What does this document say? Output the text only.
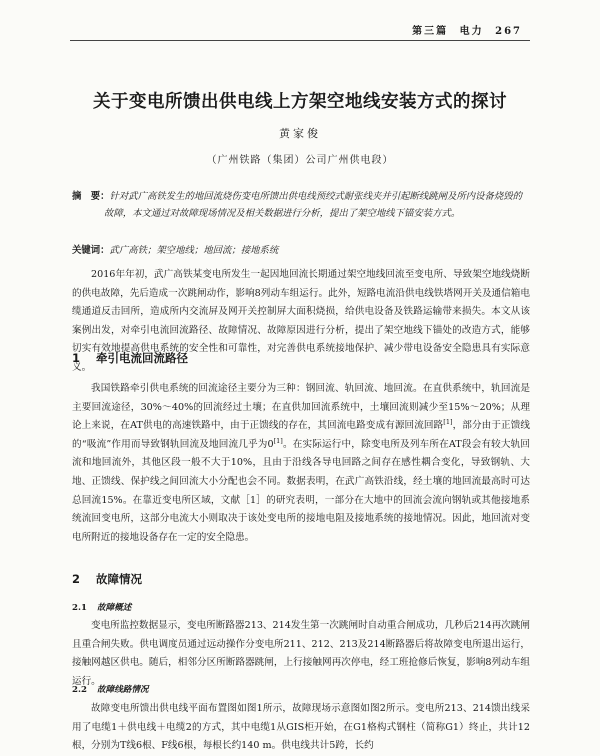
第三篇 电力 267
关于变电所馈出供电线上方架空地线安装方式的探讨
黄家俊
（广州铁路（集团）公司广州供电段）
摘　要：针对武广高铁发生的地回流烧伤变电所馈出供电线预绞式耐张线夹并引起断线跳闸及所内设备烧毁的故障，本文通过对故障现场情况及相关数据进行分析，提出了架空地线下锚安装方式。
关键词：武广高铁；架空地线；地回流；接地系统
2016年年初，武广高铁某变电所发生一起因地回流长期通过架空地线回流至变电所、导致架空地线烧断的供电故障，先后造成一次跳闸动作，影响8列动车组运行。此外，短路电流沿供电线铁塔网开关及通信箱电缆通道反击回所，造成所内交流屏及网开关控制屏大面积烧损，给供电设备及铁路运输带来损失。本文从该案例出发，对牵引电流回流路径、故障情况、故障原因进行分析，提出了架空地线下锚处的改造方式，能够切实有效地提高供电系统的安全性和可靠性，对完善供电系统接地保护、减少带电设备安全隐患具有实际意义。
1 牵引电流回流路径
我国铁路牵引供电系统的回流途径主要分为三种：钢回流、轨回流、地回流。在直供系统中，轨回流是主要回流途径，30%～40%的回流经过土壤；在直供加回流系统中，土壤回流则减少至15%～20%；从理论上来说，在AT供电的高速铁路中，由于正馈线的存在，其回流电路变成有源回流回路[1]，部分由于正馈线的“吸流”作用而导致钢轨回流及地回流几乎为0[1]。在实际运行中，除变电所及列车所在AT段会有较大轨回流和地回流外，其他区段一般不大于10%，且由于沿线各导电回路之间存在感性耦合变化，导致钢轨、大地、正馈线、保护线之间回流大小分配也会不同。数据表明，在武广高铁沿线，经土壤的地回流最高时可达总回流15%。在靠近变电所区域，文献［1］的研究表明，一部分在大地中的回流会流向钢轨或其他接地系统流回变电所，这部分电流大小则取决于该处变电所的接地电阻及接地系统的接地情况。因此，地回流对变电所附近的接地设备存在一定的安全隐患。
2 故障情况
2.1 故障概述
变电所监控数据显示，变电所断路器213、214发生第一次跳闸时自动重合闸成功，几秒后214再次跳闸且重合闸失败。供电调度员通过远动操作分变电所211、212、213及214断路器后将故障变电所退出运行，接触网越区供电。随后，相邻分区所断路器跳闸，上行接触网再次停电，经工班抢修后恢复，影响8列动车组运行。
2.2 故障线路情况
故障变电所馈出供电线平面布置图如图1所示，故障现场示意图如图2所示。变电所213、214馈出线采用了电缆1＋供电线＋电缆2的方式，其中电缆1从GIS柜开始，在G1格构式钢柱（简称G1）终止，共计12根，分别为T线6根、F线6根，每根长约140 m。供电线共计5跨，长约
